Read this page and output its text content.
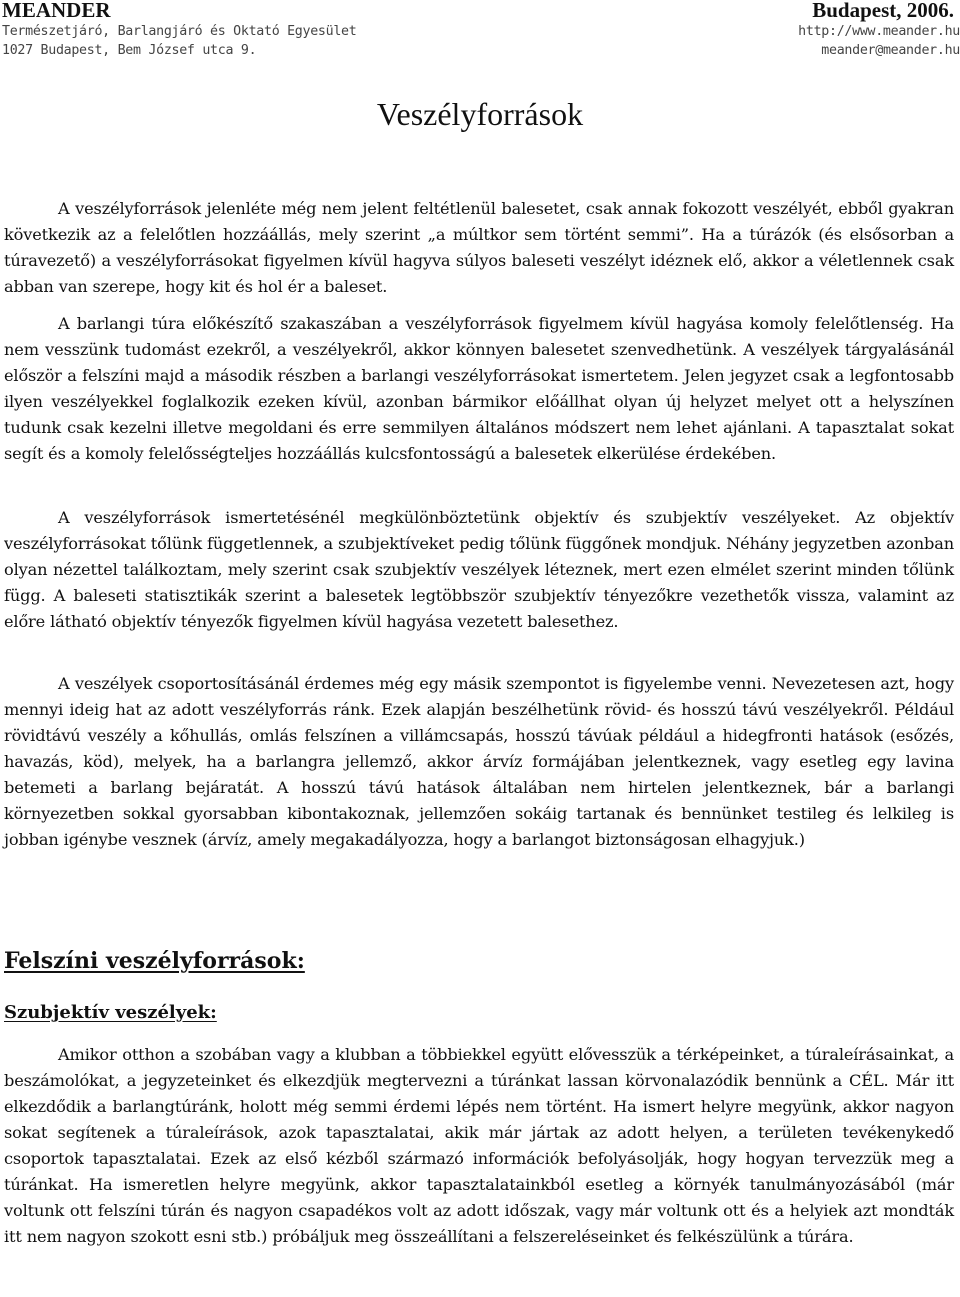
MEANDER	Budapest, 2006.
Természetjáró, Barlangjáró és Oktató Egyesület
1027 Budapest, Bem József utca 9.
http://www.meander.hu
meander@meander.hu
Veszélyforrások

A veszélyforrások jelenléte még nem jelent feltétlenül balesetet, csak annak fokozott veszélyét, ebből gyakran következik az a felelőtlen hozzáállás, mely szerint „a múltkor sem történt semmi”. Ha a túrázók (és elsősorban a túravezető) a veszélyforrásokat figyelmen kívül hagyva súlyos baleseti veszélyt idéznek elő, akkor a véletlennek csak abban van szerepe, hogy kit és hol ér a baleset.

A barlangi túra előkészítő szakaszában a veszélyforrások figyelmem kívül hagyása komoly felelőtlenség. Ha nem vesszünk tudomást ezekről, a veszélyekről, akkor könnyen balesetet szenvedhetünk. A veszélyek tárgyalásánál először a felszíni majd a második részben a barlangi veszélyforrásokat ismertetem. Jelen jegyzet csak a legfontosabb ilyen veszélyekkel foglalkozik ezeken kívül, azonban bármikor előállhat olyan új helyzet melyet ott a helyszínen tudunk csak kezelni illetve megoldani és erre semmilyen általános módszert nem lehet ajánlani. A tapasztalat sokat segít és a komoly felelősségteljes hozzáállás kulcsfontosságú a balesetek elkerülése érdekében.

A veszélyforrások ismertetésénél megkülönböztetünk objektív és szubjektív veszélyeket. Az objektív veszélyforrásokat tőlünk függetlennek, a szubjektíveket pedig tőlünk függőnek mondjuk. Néhány jegyzetben azonban olyan nézettel találkoztam, mely szerint csak szubjektív veszélyek léteznek, mert ezen elmélet szerint minden tőlünk függ. A baleseti statisztikák szerint a balesetek legtöbbször szubjektív tényezőkre vezethetők vissza, valamint az előre látható objektív tényezők figyelmen kívül hagyása vezetett balesethez.

A veszélyek csoportosításánál érdemes még egy másik szempontot is figyelembe venni. Nevezetesen azt, hogy mennyi ideig hat az adott veszélyforrás ránk. Ezek alapján beszélhetünk rövid- és hosszú távú veszélyekről. Például rövidtávú veszély a kőhullás, omlás felszínen a villámcsapás, hosszú távúak például a hidegfronti hatások (esőzés, havazás, köd), melyek, ha a barlangra jellemző, akkor árvíz formájában jelentkeznek, vagy esetleg egy lavina betemeti a barlang bejáratát. A hosszú távú hatások általában nem hirtelen jelentkeznek, bár a barlangi környezetben sokkal gyorsabban kibontakoznak, jellemzően sokáig tartanak és bennünket testileg és lelkileg is jobban igénybe vesznek (árvíz, amely megakadályozza, hogy a barlangot biztonságosan elhagyjuk.)

Felszíni veszélyforrások:
Szubjektív veszélyek:

Amikor otthon a szobában vagy a klubban a többiekkel együtt elővesszük a térképeinket, a túraleírásainkat, a beszámolókat, a jegyzeteinket és elkezdjük megtervezni a túránkat lassan körvonalazódik bennünk a CÉL. Már itt elkezdődik a barlangtúránk, holott még semmi érdemi lépés nem történt. Ha ismert helyre megyünk, akkor nagyon sokat segítenek a túraleírások, azok tapasztalatai, akik már jártak az adott helyen, a területen tevékenykedő csoportok tapasztalatai. Ezek az első kézből származó információk befolyásolják, hogy hogyan tervezzük meg a túránkat. Ha ismeretlen helyre megyünk, akkor tapasztalatainkból esetleg a környék tanulmányozásából (már voltunk ott felszíni túrán és nagyon csapadékos volt az adott időszak, vagy már voltunk ott és a helyiek azt mondták itt nem nagyon szokott esni stb.) próbáljuk meg összeállítani a felszereléseinket és felkészülünk a túrára.
